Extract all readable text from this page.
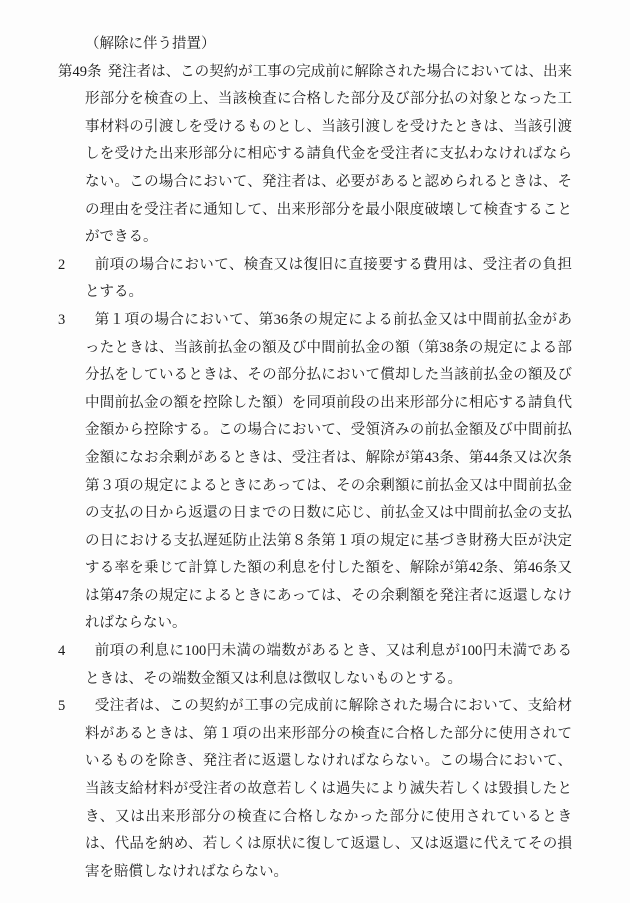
（解除に伴う措置）

第49条 発注者は、この契約が工事の完成前に解除された場合においては、出来形部分を検査の上、当該検査に合格した部分及び部分払の対象となった工事材料の引渡しを受けるものとし、当該引渡しを受けたときは、当該引渡しを受けた出来形部分に相応する請負代金を受注者に支払わなければならない。この場合において、発注者は、必要があると認められるときは、その理由を受注者に通知して、出来形部分を最小限度破壊して検査することができる。

2 前項の場合において、検査又は復旧に直接要する費用は、受注者の負担とする。

3 第１項の場合において、第36条の規定による前払金又は中間前払金があったときは、当該前払金の額及び中間前払金の額（第38条の規定による部分払をしているときは、その部分払において償却した当該前払金の額及び中間前払金の額を控除した額）を同項前段の出来形部分に相応する請負代金額から控除する。この場合において、受領済みの前払金額及び中間前払金額になお余剰があるときは、受注者は、解除が第43条、第44条又は次条第３項の規定によるときにあっては、その余剰額に前払金又は中間前払金の支払の日から返還の日までの日数に応じ、前払金又は中間前払金の支払の日における支払遅延防止法第８条第１項の規定に基づき財務大臣が決定する率を乗じて計算した額の利息を付した額を、解除が第42条、第46条又は第47条の規定によるときにあっては、その余剰額を発注者に返還しなければならない。

4 前項の利息に100円未満の端数があるとき、又は利息が100円未満であるときは、その端数金額又は利息は徴収しないものとする。

5 受注者は、この契約が工事の完成前に解除された場合において、支給材料があるときは、第１項の出来形部分の検査に合格した部分に使用されているものを除き、発注者に返還しなければならない。この場合において、当該支給材料が受注者の故意若しくは過失により滅失若しくは毀損したとき、又は出来形部分の検査に合格しなかった部分に使用されているときは、代品を納め、若しくは原状に復して返還し、又は返還に代えてその損害を賠償しなければならない。
